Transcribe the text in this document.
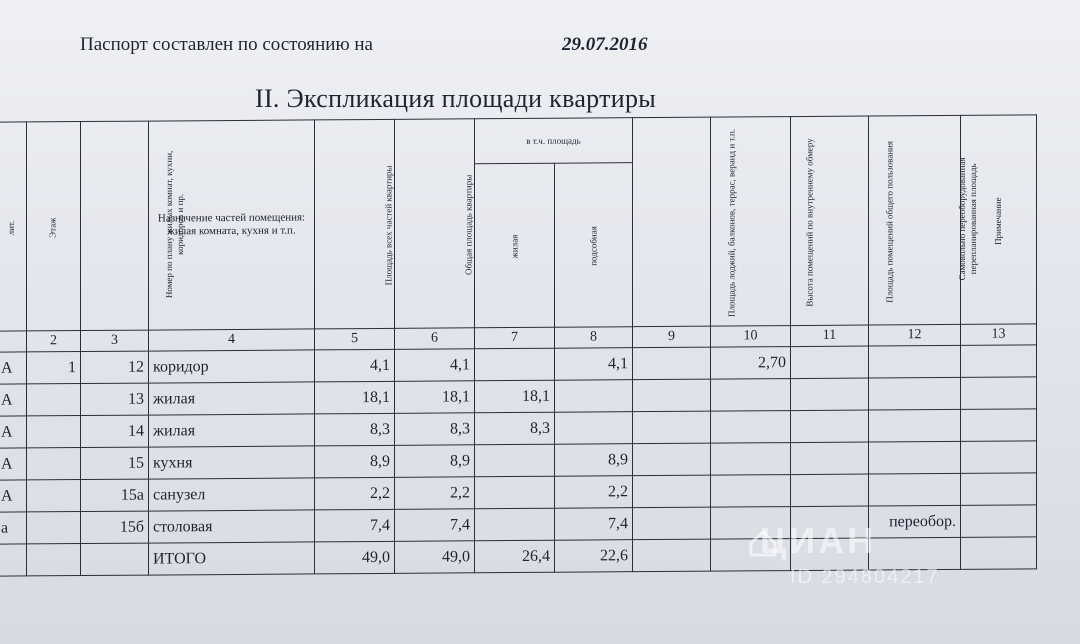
Паспорт составлен по состоянию на	29.07.2016
II. Экспликация площади квартиры
лит.	Этаж	Номер по плану жилых комнат, кухни, коридоров и пр.	Назначение частей помещения: жилая комната, кухня и т.п.	Площадь всех частей квартиры	Общая площадь квартиры	в т.ч. площадь		Площадь лоджий, балконов, террас, веранд и т.п.	Высота помещений по внутреннему обмеру	Площадь помещений общего пользования	Самовольно переоборудованная перепланированная площадь	Примечание
						жилая	подсобная					
	2	3	4	5	6	7	8	9	10	11	12	13
А	1	12	коридор	4,1	4,1		4,1		2,70			
А		13	жилая	18,1	18,1	18,1						
А		14	жилая	8,3	8,3	8,3						
А		15	кухня	8,9	8,9		8,9					
А		15а	санузел	2,2	2,2		2,2					
а		15б	столовая	7,4	7,4		7,4				переобор.	
			ИТОГО	49,0	49,0	26,4	22,6						ЦИАН
ID 294804217
